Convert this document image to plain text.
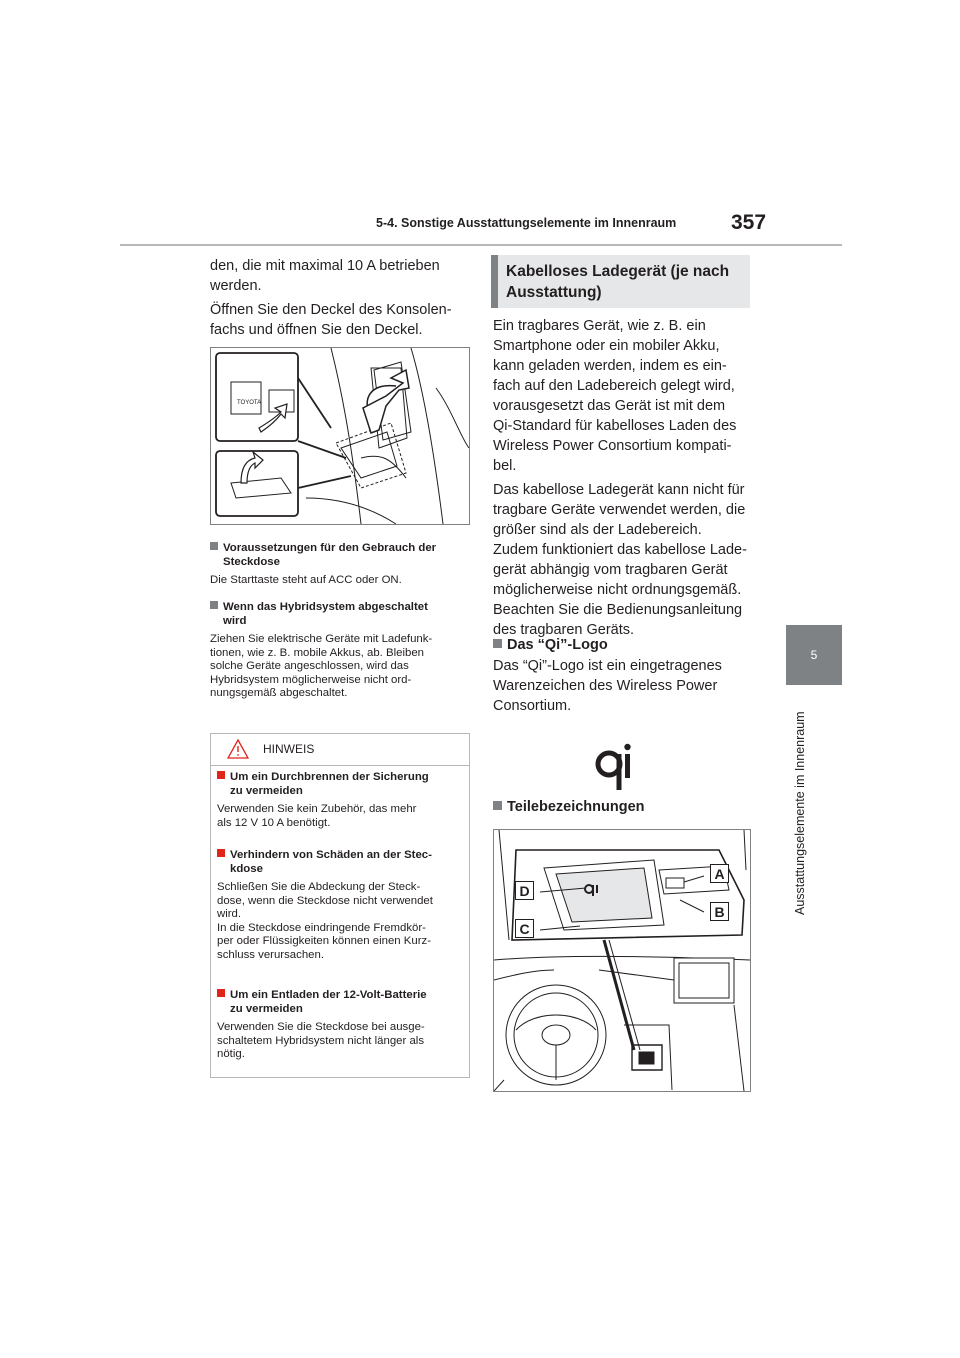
5-4. Sonstige Ausstattungselemente im Innenraum	357
5
Ausstattungselemente im Innenraum

den, die mit maximal 10 A betrieben

werden.

Öffnen Sie den Deckel des Konsolen-

fachs und öffnen Sie den Deckel.

TOYOTA
Voraussetzungen für den Gebrauch der
Steckdose
Die Starttaste steht auf ACC oder ON.
Wenn das Hybridsystem abgeschaltet
wird

Ziehen Sie elektrische Geräte mit Ladefunk-

tionen, wie z. B. mobile Akkus, ab. Bleiben

solche Geräte angeschlossen, wird das

Hybridsystem möglicherweise nicht ord-

nungsgemäß abgeschaltet.

HINWEIS
Um ein Durchbrennen der Sicherung
zu vermeiden

Verwenden Sie kein Zubehör, das mehr

als 12 V 10 A benötigt.

Verhindern von Schäden an der Stec-
kdose

Schließen Sie die Abdeckung der Steck-

dose, wenn die Steckdose nicht verwendet

wird.

In die Steckdose eindringende Fremdkör-

per oder Flüssigkeiten können einen Kurz-

schluss verursachen.

Um ein Entladen der 12-Volt-Batterie
zu vermeiden

Verwenden Sie die Steckdose bei ausge-

schaltetem Hybridsystem nicht länger als

nötig.

Kabelloses Ladegerät (je nach
Ausstattung)

Ein tragbares Gerät, wie z. B. ein

Smartphone oder ein mobiler Akku,

kann geladen werden, indem es ein-

fach auf den Ladebereich gelegt wird,

vorausgesetzt das Gerät ist mit dem

Qi-Standard für kabelloses Laden des

Wireless Power Consortium kompati-

bel.

Das kabellose Ladegerät kann nicht für

tragbare Geräte verwendet werden, die

größer sind als der Ladebereich.

Zudem funktioniert das kabellose Lade-

gerät abhängig vom tragbaren Gerät

möglicherweise nicht ordnungsgemäß.

Beachten Sie die Bedienungsanleitung

des tragbaren Geräts.

Das “Qi”-Logo

Das “Qi”-Logo ist ein eingetragenes

Warenzeichen des Wireless Power

Consortium.

Teilebezeichnungen
D
C
A
B
